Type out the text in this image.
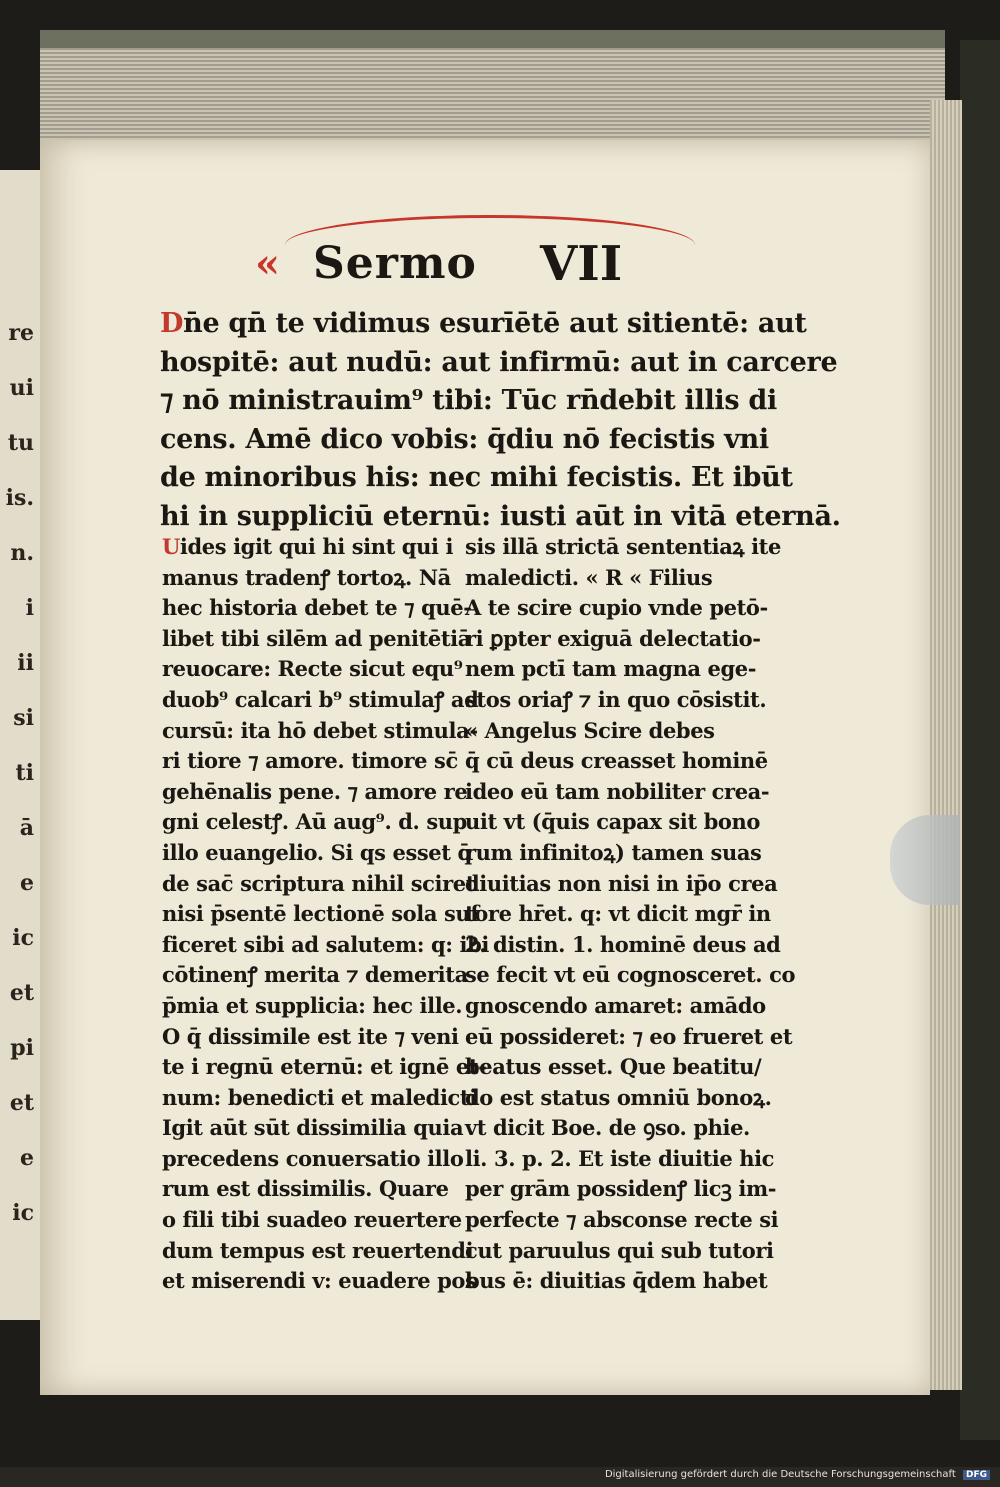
re
ui
tu
is.
n.
i
ii
si
ti
ā
e
ic
et
pi
et
e
ic
« Sermo VII
Dn̄e qn̄ te vidimus esurīētē aut sitientē: aut
hospitē: aut nudū: aut infirmū: aut in carcere
⁊ nō ministrauim⁹ tibi: Tūc rn̄debit illis di
cens. Amē dico vobis: q̄diu nō fecistis vni
de minoribus his: nec mihi fecistis. Et ibūt
hi in suppliciū eternū: iusti aūt in vitā eternā.
Uides igit qui hi sint qui i
manus tradenꝭ tortoꝝ. Nā
hec historia debet te ⁊ quē-
libet tibi silēm ad penitētiā
reuocare: Recte sicut equ⁹
duob⁹ calcari b⁹ stimulaꝭ ad
cursū: ita hō debet stimula-
ri tiore ⁊ amore. timore sc̄
gehēnalis pene. ⁊ amore re
gni celestꝭ. Aū aug⁹. d. sup
illo euangelio. Si qs esset q̄
de sac̄ scriptura nihil sciret
nisi p̄sentē lectionē sola suf
ficeret sibi ad salutem: q: ibi
cōtinenꝭ merita ⁊ demerita
p̄mia et supplicia: hec ille.
O q̄ dissimile est ite ⁊ veni
te i regnū eternū: et ignē et-
num: benedicti et maledicti
Igit aūt sūt dissimilia quia
precedens conuersatio illo
rum est dissimilis. Quare
o fili tibi suadeo reuertere
dum tempus est reuertendi
et miserendi v: euadere pos
sis illā strictā sententiaꝝ ite
maledicti. « R « Filius
A te scire cupio vnde petō-
ri ꝑpter exiguā delectatio-
nem pctī tam magna ege-
stos oriaꝭ ⁊ in quo cōsistit.
« Angelus Scire debes
q̄ cū deus creasset hominē
ideo eū tam nobiliter crea-
uit vt (q̄uis capax sit bono
rum infinitoꝝ) tamen suas
diuitias non nisi in ip̄o crea
tore hr̄et. q: vt dicit mgr̄ in
2. distin. 1. hominē deus ad
se fecit vt eū cognosceret. co
gnoscendo amaret: amādo
eū possideret: ⁊ eo frueret et
beatus esset. Que beatitu/
do est status omniū bonoꝝ.
vt dicit Boe. de ꝯso. phie.
li. 3. p. 2. Et iste diuitie hic
per grām possidenꝭ licꝫ im-
perfecte ⁊ absconse recte si
cut paruulus qui sub tutori
bus ē: diuitias q̄dem habet
Digitalisierung gefördert durch die Deutsche Forschungsgemeinschaft DFG
